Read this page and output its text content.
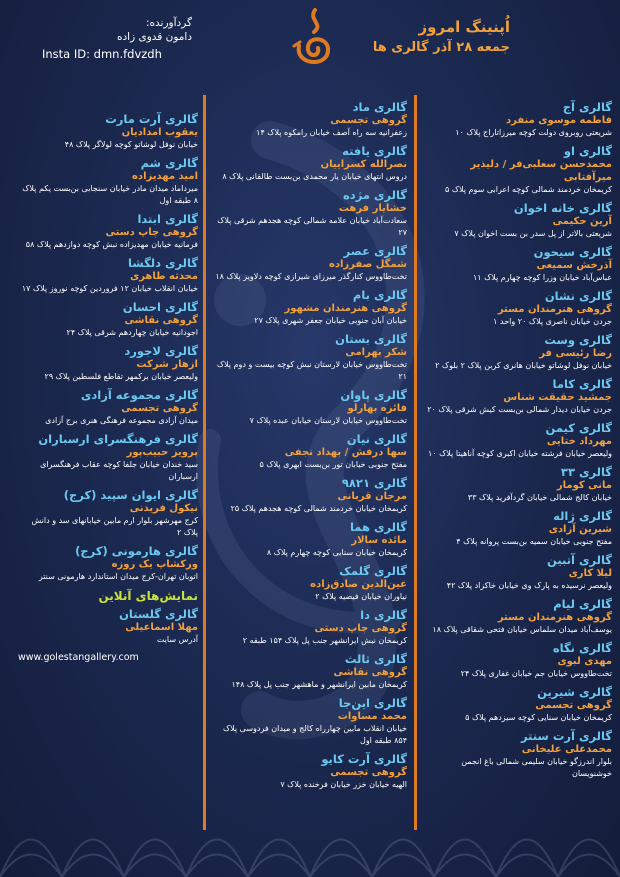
اُپنینگ امروز
جمعه ۲۸ آذر گالری ها
گردآورنده:
دامون قدوی زاده
Insta ID: dmn.fdvzdh
گالری آ‌ج
فاطمه موسوی منفرد
شریعتی روبروی دولت کوچه میرزا‌تاراج پلاک ۱۰
گالری او
محمدحسن سعلبی‌فر / دلیذیر میرآفتابی
کریمخان خردمند شمالی کوچه اعرابی سوم پلاک ۵
گالری خانه اخوان
آرین حکیمی
شریعتی بالاتر از پل سدر بن بست اخوان پلاک ۷
گالری سیحون
آذرخش سمیعی
عباس‌آباد خیابان وزرا کوچه چهارم پلاک ۱۱
گالری نشان
گروهی هنرمندان مستر
جردن خیابان ناصری پلاک ۲۰ واحد ۱
گالری وست
رضا رئیسی فر
خیابان نوفل لوشاتو خیابان هانری کربن پلاک ۲ بلوک ۲
گالری کاما
جمشید حقیقت شناس
جردن خیابان دیدار شمالی بن‌بست کیش شرقی پلاک ۲۰
گالری کیمن
مهرداد ختایی
ولیعصر خیابان فرشته خیابان اکبری کوچه آناهیتا پلاک ۱۰
گالری ۳۳
مانی کومار
خیابان کالج شمالی خیابان گردآفرید پلاک ۳۳
گالری ژاله
شیرین آزادی
مفتح جنوبی خیابان سمیه بن‌بست پروانه پلاک ۴
گالری آتبین
لیلا کاری
ولیعصر نرسیده به پارک وی خیابان خاکزاد پلاک ۴۲
گالری لیام
گروهی هنرمندان مستر
یوسف‌آباد میدان سلماس خیابان فتحی شقاقی پلاک ۱۸
گالری نگاه
مهدی لبوی
تخت‌طاووس خیابان جم خیابان غفاری پلاک ۲۴
گالری شیرین
گروهی تجسمی
کریمخان خیابان سنایی کوچه سیزدهم پلاک ۵
گالری آرت سنتر
محمدعلی علیخانی
بلوار اندرزگو خیابان سلیمی شمالی باغ انجمن خوشنویسان
گالری ماد
گروهی تجسمی
زعفرانیه سه راه آصف خیابان رامکوه پلاک ۱۴
گالری یافته
نصرالله کسراییان
دروس انتهای خیابان یار محمدی بن‌بست طالقانی پلاک ۸
گالری مژده
خشایار فرهت
سعادت‌آباد خیابان علامه شمالی کوچه هجدهم شرقی پلاک ۲۷
گالری عصر
شمگل صفرزاده
تخت‌طاووس کنارگذر میرزای شیرازی کوچه دلاویز پلاک ۱۸
گالری بام
گروهی هنرمندان مشهور
خیابان آبان جنوبی خیابان جعفر شهری پلاک ۲۷
گالری بستان
شکر بهرامی
تخت‌طاووس خیابان لارستان نبش کوچه بیست و دوم پلاک ۲۱
گالری پاوان
فائزه بهارلو
تخت‌طاووس خیابان لارستان خیابان عبده پلاک ۷
گالری نیان
سها درفش / بهداد نجفی
مفتح جنوبی خیابان تور بن‌بست ابهری پلاک ۵
گالری ۹۸۲۱
مرجان قربانی
کریمخان خیابان خردمند شمالی کوچه هجدهم پلاک ۲۵
گالری هما
مائده سالار
کریمخان خیابان سنایی کوچه چهارم پلاک ۸
گالری گلمک
عین‌الدین صادق‌زاده
نیاوران خیابان فیضیه پلاک ۲
گالری دا
گروهی چاپ دستی
کریمخان نبش ایرانشهر جنب پل پلاک ۱۵۴ طبقه ۲
گالری ثالث
گروهی نقاشی
کریمخان مابین ایرانشهر و ماهشهر جنب پل پلاک ۱۴۸
گالری این‌جا
محمد مساوات
خیابان انقلاب مابین چهارراه کالج و میدان فردوسی پلاک ۸۵۴ طبقه اول
گالری آرت کایو
گروهی تجسمی
الهیه خیابان خزر خیابان فرخنده پلاک ۷
گالری آرت مارت
یعقوب امدادیان
خیابان نوفل لوشاتو کوچه لولاگر پلاک ۴۸
گالری شم
امید مهدیزاده
میرداماد میدان مادر خیابان سنجابی بن‌بست یکم پلاک ۸ طبقه اول
گالری ابتدا
گروهی چاپ دستی
فرمانیه خیابان مهدیزاده نبش کوچه دوازدهم پلاک ۵۸
گالری دلگشا
محدثه طاهری
خیابان انقلاب خیابان ۱۲ فروردین کوچه نوروز پلاک ۱۷
گالری احسان
گروهی نقاشی
اجودانیه خیابان چهاردهم شرقی پلاک ۲۴
گالری لاجورد
ازهار شرکت
ولیعصر خیابان برکمهر تقاطع فلسطین پلاک ۲۹
گالری مجموعه آزادی
گروهی تجسمی
میدان آزادی مجموعه فرهنگی هنری برج آزادی
گالری فرهنگسرای ارسباران
پرویز حبیب‌پور
سید خندان خیابان جلفا کوچه عقاب فرهنگسرای ارسباران
گالری ایوان سپید (کرج)
نیکول فریدنی
کرج مهرشهر بلوار ارم مابین خیابانهای سد و دانش پلاک ۲
گالری هارمونی (کرج)
ورکشاپ یک روزه
اتوبان تهران-کرج میدان استاندارد هارمونی سنتر
نمایش‌های آنلاین
گالری گلستان
مهلا اسماعیلی
آدرس سایت
www.golestangallery.com
